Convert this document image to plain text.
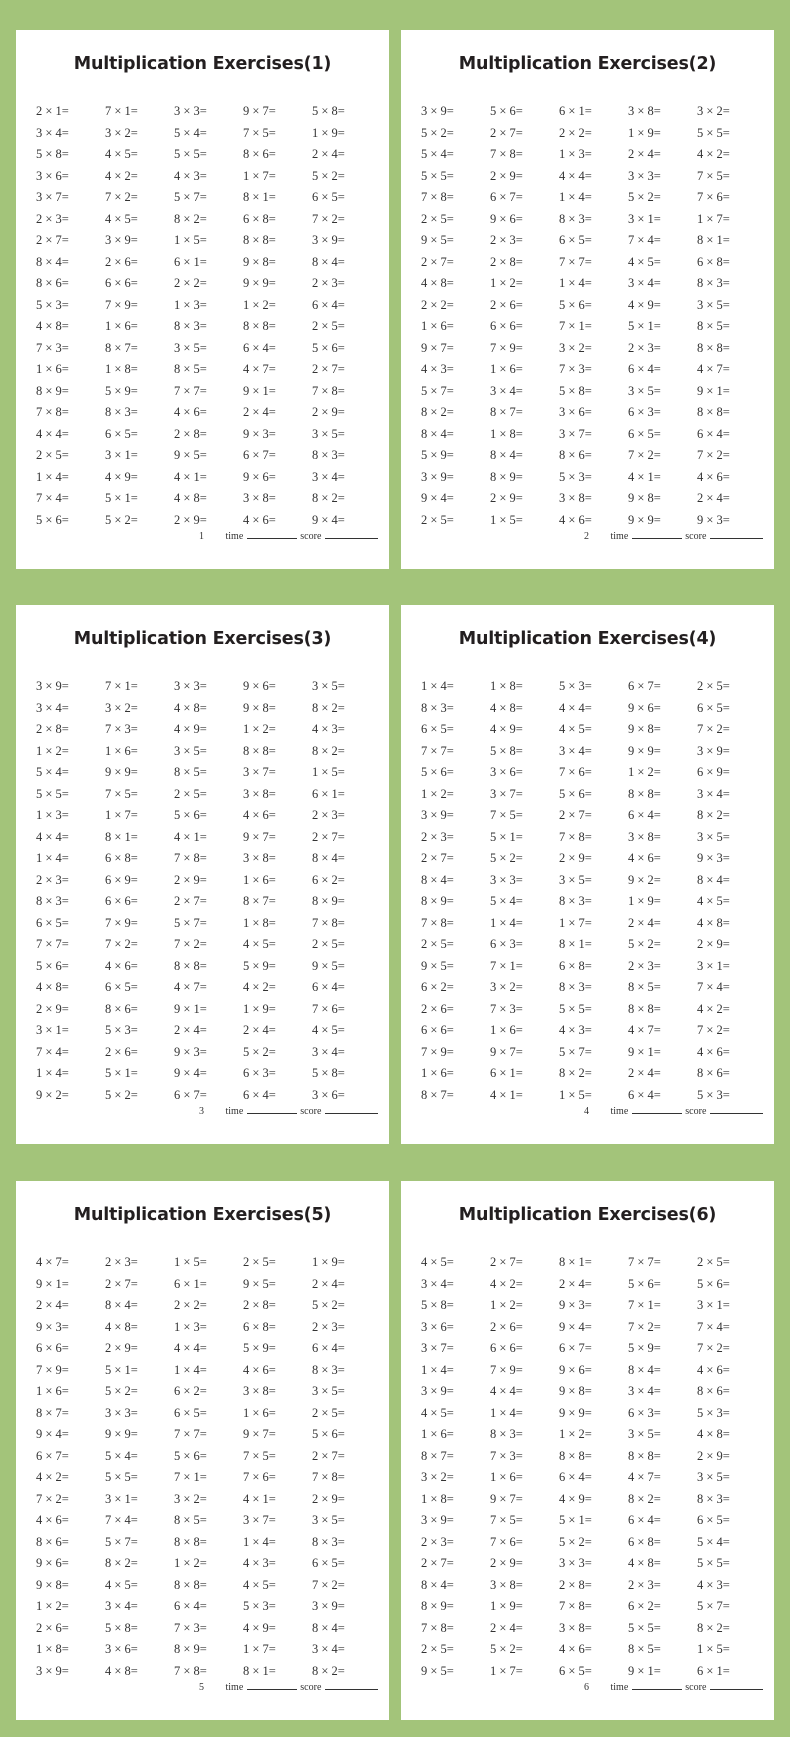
Multiplication Exercises(1)
2 × 1=	7 × 1=	3 × 3=	9 × 7=	5 × 8=
3 × 4=	3 × 2=	5 × 4=	7 × 5=	1 × 9=
5 × 8=	4 × 5=	5 × 5=	8 × 6=	2 × 4=
3 × 6=	4 × 2=	4 × 3=	1 × 7=	5 × 2=
3 × 7=	7 × 2=	5 × 7=	8 × 1=	6 × 5=
2 × 3=	4 × 5=	8 × 2=	6 × 8=	7 × 2=
2 × 7=	3 × 9=	1 × 5=	8 × 8=	3 × 9=
8 × 4=	2 × 6=	6 × 1=	9 × 8=	8 × 4=
8 × 6=	6 × 6=	2 × 2=	9 × 9=	2 × 3=
5 × 3=	7 × 9=	1 × 3=	1 × 2=	6 × 4=
4 × 8=	1 × 6=	8 × 3=	8 × 8=	2 × 5=
7 × 3=	8 × 7=	3 × 5=	6 × 4=	5 × 6=
1 × 6=	1 × 8=	8 × 5=	4 × 7=	2 × 7=
8 × 9=	5 × 9=	7 × 7=	9 × 1=	7 × 8=
7 × 8=	8 × 3=	4 × 6=	2 × 4=	2 × 9=
4 × 4=	6 × 5=	2 × 8=	9 × 3=	3 × 5=
2 × 5=	3 × 1=	9 × 5=	6 × 7=	8 × 3=
1 × 4=	4 × 9=	4 × 1=	9 × 6=	3 × 4=
7 × 4=	5 × 1=	4 × 8=	3 × 8=	8 × 2=
5 × 6=	5 × 2=	2 × 9=	4 × 6=	9 × 4=
1 time	score
Multiplication Exercises(2)
3 × 9=	5 × 6=	6 × 1=	3 × 8=	3 × 2=
5 × 2=	2 × 7=	2 × 2=	1 × 9=	5 × 5=
5 × 4=	7 × 8=	1 × 3=	2 × 4=	4 × 2=
5 × 5=	2 × 9=	4 × 4=	3 × 3=	7 × 5=
7 × 8=	6 × 7=	1 × 4=	5 × 2=	7 × 6=
2 × 5=	9 × 6=	8 × 3=	3 × 1=	1 × 7=
9 × 5=	2 × 3=	6 × 5=	7 × 4=	8 × 1=
2 × 7=	2 × 8=	7 × 7=	4 × 5=	6 × 8=
4 × 8=	1 × 2=	1 × 4=	3 × 4=	8 × 3=
2 × 2=	2 × 6=	5 × 6=	4 × 9=	3 × 5=
1 × 6=	6 × 6=	7 × 1=	5 × 1=	8 × 5=
9 × 7=	7 × 9=	3 × 2=	2 × 3=	8 × 8=
4 × 3=	1 × 6=	7 × 3=	6 × 4=	4 × 7=
5 × 7=	3 × 4=	5 × 8=	3 × 5=	9 × 1=
8 × 2=	8 × 7=	3 × 6=	6 × 3=	8 × 8=
8 × 4=	1 × 8=	3 × 7=	6 × 5=	6 × 4=
5 × 9=	8 × 4=	8 × 6=	7 × 2=	7 × 2=
3 × 9=	8 × 9=	5 × 3=	4 × 1=	4 × 6=
9 × 4=	2 × 9=	3 × 8=	9 × 8=	2 × 4=
2 × 5=	1 × 5=	4 × 6=	9 × 9=	9 × 3=
2 time	score
Multiplication Exercises(3)
3 × 9=	7 × 1=	3 × 3=	9 × 6=	3 × 5=
3 × 4=	3 × 2=	4 × 8=	9 × 8=	8 × 2=
2 × 8=	7 × 3=	4 × 9=	1 × 2=	4 × 3=
1 × 2=	1 × 6=	3 × 5=	8 × 8=	8 × 2=
5 × 4=	9 × 9=	8 × 5=	3 × 7=	1 × 5=
5 × 5=	7 × 5=	2 × 5=	3 × 8=	6 × 1=
1 × 3=	1 × 7=	5 × 6=	4 × 6=	2 × 3=
4 × 4=	8 × 1=	4 × 1=	9 × 7=	2 × 7=
1 × 4=	6 × 8=	7 × 8=	3 × 8=	8 × 4=
2 × 3=	6 × 9=	2 × 9=	1 × 6=	6 × 2=
8 × 3=	6 × 6=	2 × 7=	8 × 7=	8 × 9=
6 × 5=	7 × 9=	5 × 7=	1 × 8=	7 × 8=
7 × 7=	7 × 2=	7 × 2=	4 × 5=	2 × 5=
5 × 6=	4 × 6=	8 × 8=	5 × 9=	9 × 5=
4 × 8=	6 × 5=	4 × 7=	4 × 2=	6 × 4=
2 × 9=	8 × 6=	9 × 1=	1 × 9=	7 × 6=
3 × 1=	5 × 3=	2 × 4=	2 × 4=	4 × 5=
7 × 4=	2 × 6=	9 × 3=	5 × 2=	3 × 4=
1 × 4=	5 × 1=	9 × 4=	6 × 3=	5 × 8=
9 × 2=	5 × 2=	6 × 7=	6 × 4=	3 × 6=
3 time	score
Multiplication Exercises(4)
1 × 4=	1 × 8=	5 × 3=	6 × 7=	2 × 5=
8 × 3=	4 × 8=	4 × 4=	9 × 6=	6 × 5=
6 × 5=	4 × 9=	4 × 5=	9 × 8=	7 × 2=
7 × 7=	5 × 8=	3 × 4=	9 × 9=	3 × 9=
5 × 6=	3 × 6=	7 × 6=	1 × 2=	6 × 9=
1 × 2=	3 × 7=	5 × 6=	8 × 8=	3 × 4=
3 × 9=	7 × 5=	2 × 7=	6 × 4=	8 × 2=
2 × 3=	5 × 1=	7 × 8=	3 × 8=	3 × 5=
2 × 7=	5 × 2=	2 × 9=	4 × 6=	9 × 3=
8 × 4=	3 × 3=	3 × 5=	9 × 2=	8 × 4=
8 × 9=	5 × 4=	8 × 3=	1 × 9=	4 × 5=
7 × 8=	1 × 4=	1 × 7=	2 × 4=	4 × 8=
2 × 5=	6 × 3=	8 × 1=	5 × 2=	2 × 9=
9 × 5=	7 × 1=	6 × 8=	2 × 3=	3 × 1=
6 × 2=	3 × 2=	8 × 3=	8 × 5=	7 × 4=
2 × 6=	7 × 3=	5 × 5=	8 × 8=	4 × 2=
6 × 6=	1 × 6=	4 × 3=	4 × 7=	7 × 2=
7 × 9=	9 × 7=	5 × 7=	9 × 1=	4 × 6=
1 × 6=	6 × 1=	8 × 2=	2 × 4=	8 × 6=
8 × 7=	4 × 1=	1 × 5=	6 × 4=	5 × 3=
4 time	score
Multiplication Exercises(5)
4 × 7=	2 × 3=	1 × 5=	2 × 5=	1 × 9=
9 × 1=	2 × 7=	6 × 1=	9 × 5=	2 × 4=
2 × 4=	8 × 4=	2 × 2=	2 × 8=	5 × 2=
9 × 3=	4 × 8=	1 × 3=	6 × 8=	2 × 3=
6 × 6=	2 × 9=	4 × 4=	5 × 9=	6 × 4=
7 × 9=	5 × 1=	1 × 4=	4 × 6=	8 × 3=
1 × 6=	5 × 2=	6 × 2=	3 × 8=	3 × 5=
8 × 7=	3 × 3=	6 × 5=	1 × 6=	2 × 5=
9 × 4=	9 × 9=	7 × 7=	9 × 7=	5 × 6=
6 × 7=	5 × 4=	5 × 6=	7 × 5=	2 × 7=
4 × 2=	5 × 5=	7 × 1=	7 × 6=	7 × 8=
7 × 2=	3 × 1=	3 × 2=	4 × 1=	2 × 9=
4 × 6=	7 × 4=	8 × 5=	3 × 7=	3 × 5=
8 × 6=	5 × 7=	8 × 8=	1 × 4=	8 × 3=
9 × 6=	8 × 2=	1 × 2=	4 × 3=	6 × 5=
9 × 8=	4 × 5=	8 × 8=	4 × 5=	7 × 2=
1 × 2=	3 × 4=	6 × 4=	5 × 3=	3 × 9=
2 × 6=	5 × 8=	7 × 3=	4 × 9=	8 × 4=
1 × 8=	3 × 6=	8 × 9=	1 × 7=	3 × 4=
3 × 9=	4 × 8=	7 × 8=	8 × 1=	8 × 2=
5 time	score
Multiplication Exercises(6)
4 × 5=	2 × 7=	8 × 1=	7 × 7=	2 × 5=
3 × 4=	4 × 2=	2 × 4=	5 × 6=	5 × 6=
5 × 8=	1 × 2=	9 × 3=	7 × 1=	3 × 1=
3 × 6=	2 × 6=	9 × 4=	7 × 2=	7 × 4=
3 × 7=	6 × 6=	6 × 7=	5 × 9=	7 × 2=
1 × 4=	7 × 9=	9 × 6=	8 × 4=	4 × 6=
3 × 9=	4 × 4=	9 × 8=	3 × 4=	8 × 6=
4 × 5=	1 × 4=	9 × 9=	6 × 3=	5 × 3=
1 × 6=	8 × 3=	1 × 2=	3 × 5=	4 × 8=
8 × 7=	7 × 3=	8 × 8=	8 × 8=	2 × 9=
3 × 2=	1 × 6=	6 × 4=	4 × 7=	3 × 5=
1 × 8=	9 × 7=	4 × 9=	8 × 2=	8 × 3=
3 × 9=	7 × 5=	5 × 1=	6 × 4=	6 × 5=
2 × 3=	7 × 6=	5 × 2=	6 × 8=	5 × 4=
2 × 7=	2 × 9=	3 × 3=	4 × 8=	5 × 5=
8 × 4=	3 × 8=	2 × 8=	2 × 3=	4 × 3=
8 × 9=	1 × 9=	7 × 8=	6 × 2=	5 × 7=
7 × 8=	2 × 4=	3 × 8=	5 × 5=	8 × 2=
2 × 5=	5 × 2=	4 × 6=	8 × 5=	1 × 5=
9 × 5=	1 × 7=	6 × 5=	9 × 1=	6 × 1=
6 time	score
